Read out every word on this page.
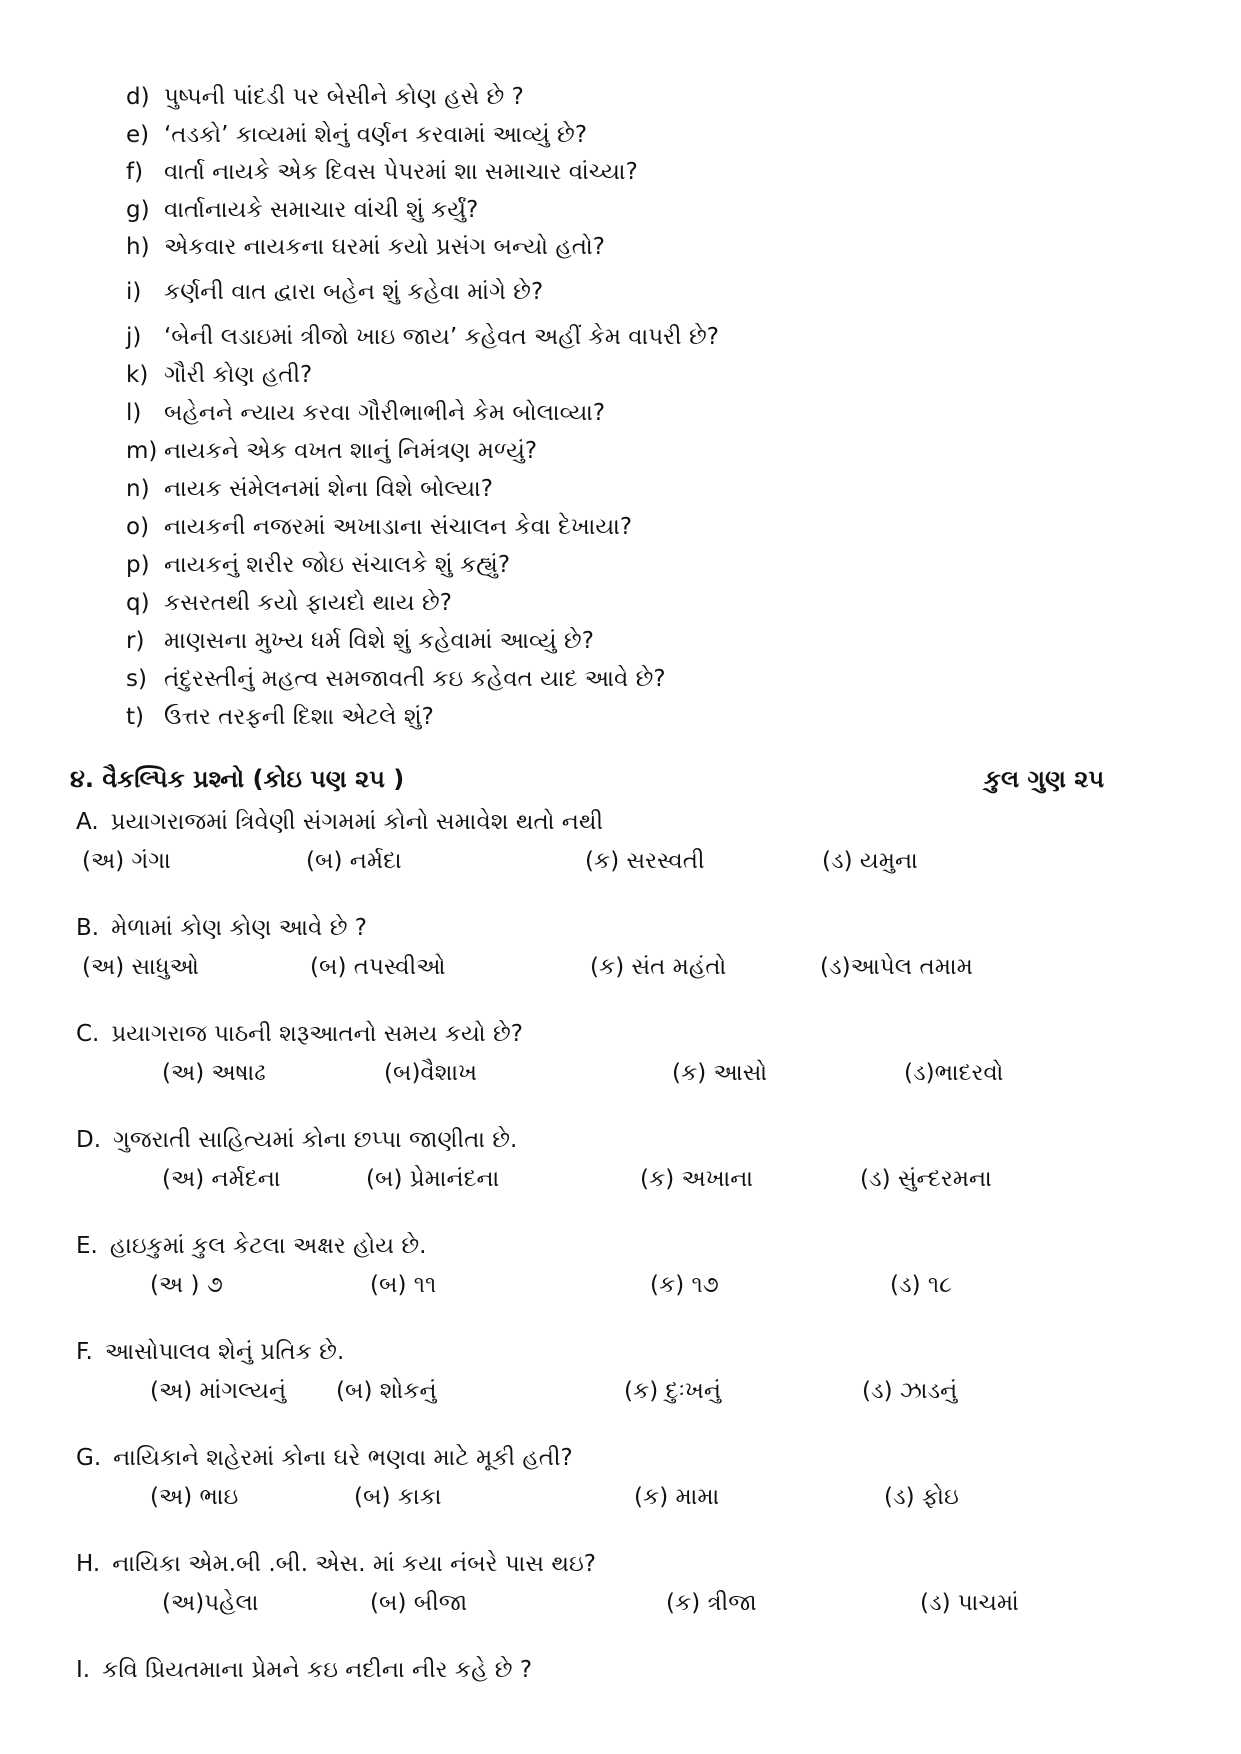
d) પુષ્પની પાંદડી પર બેસીને કોણ હસે છે ?
e) ‘તડકો’ કાવ્યમાં શેનું વર્ણન કરવામાં આવ્યું છે?
f) વાર્તા નાયકે એક દિવસ પેપરમાં શા સમાચાર વાંચ્યા?
g) વાર્તાનાયકે સમાચાર વાંચી શું કર્યું?
h) એકવાર નાયકના ઘરમાં કયો પ્રસંગ બન્યો હતો?
i) કર્ણની વાત દ્વારા બહેન શું કહેવા માંગે છે?
j) ‘બેની લડાઇમાં ત્રીજો ખાઇ જાય’ કહેવત અહીં કેમ વાપરી છે?
k) ગૌરી કોણ હતી?
l) બહેનને ન્યાય કરવા ગૌરીભાભીને કેમ બોલાવ્યા?
m) નાયકને એક વખત શાનું નિમંત્રણ મળ્યું?
n) નાયક સંમેલનમાં શેના વિશે બોલ્યા?
o) નાયકની નજરમાં અખાડાના સંચાલન કેવા દેખાયા?
p) નાયકનું શરીર જોઇ સંચાલકે શું કહ્યું?
q) કસરતથી કયો ફાયદો થાય છે?
r) માણસના મુખ્ય ધર્મ વિશે શું કહેવામાં આવ્યું છે?
s) તંદુરસ્તીનું મહત્વ સમજાવતી કઇ કહેવત યાદ આવે છે?
t) ઉત્તર તરફની દિશા એટલે શું?
૪. વૈકલ્પિક પ્રશ્નો (કોઇ પણ ૨૫ )	કુલ ગુણ ૨૫
A. પ્રયાગરાજમાં ત્રિવેણી સંગમમાં કોનો સમાવેશ થતો નથી
(અ) ગંગા	(બ) નર્મદા	(ક) સરસ્વતી	(ડ) યમુના
B. મેળામાં કોણ કોણ આવે છે ?
(અ) સાધુઓ	(બ) તપસ્વીઓ	(ક) સંત મહંતો	(ડ)આપેલ તમામ
C. પ્રયાગરાજ પાઠની શરૂઆતનો સમય કયો છે?
(અ) અષાઢ	(બ)વૈશાખ	(ક) આસો	(ડ)ભાદરવો
D. ગુજરાતી સાહિત્યમાં કોના છપ્પા જાણીતા છે.
(અ) નર્મદના	(બ) પ્રેમાનંદના	(ક) અખાના	(ડ) સુંન્દરમના
E. હાઇકુમાં કુલ કેટલા અક્ષર હોય છે.
(અ ) ૭	(બ) ૧૧	(ક) ૧૭	(ડ) ૧૮
F. આસોપાલવ શેનું પ્રતિક છે.
(અ) માંગલ્યનું (બ) શોકનું	(ક) દુઃખનું	(ડ) ઝાડનું
G. નાયિકાને શહેરમાં કોના ઘરે ભણવા માટે મૂકી હતી?
(અ) ભાઇ	(બ) કાકા	(ક) મામા	(ડ) ફોઇ
H. નાયિકા એમ.બી .બી. એસ. માં કયા નંબરે પાસ થઇ?
(અ)પહેલા	(બ) બીજા	(ક) ત્રીજા	(ડ) પાચમાં
I. કવિ પ્રિયતમાના પ્રેમને કઇ નદીના નીર કહે છે ?
